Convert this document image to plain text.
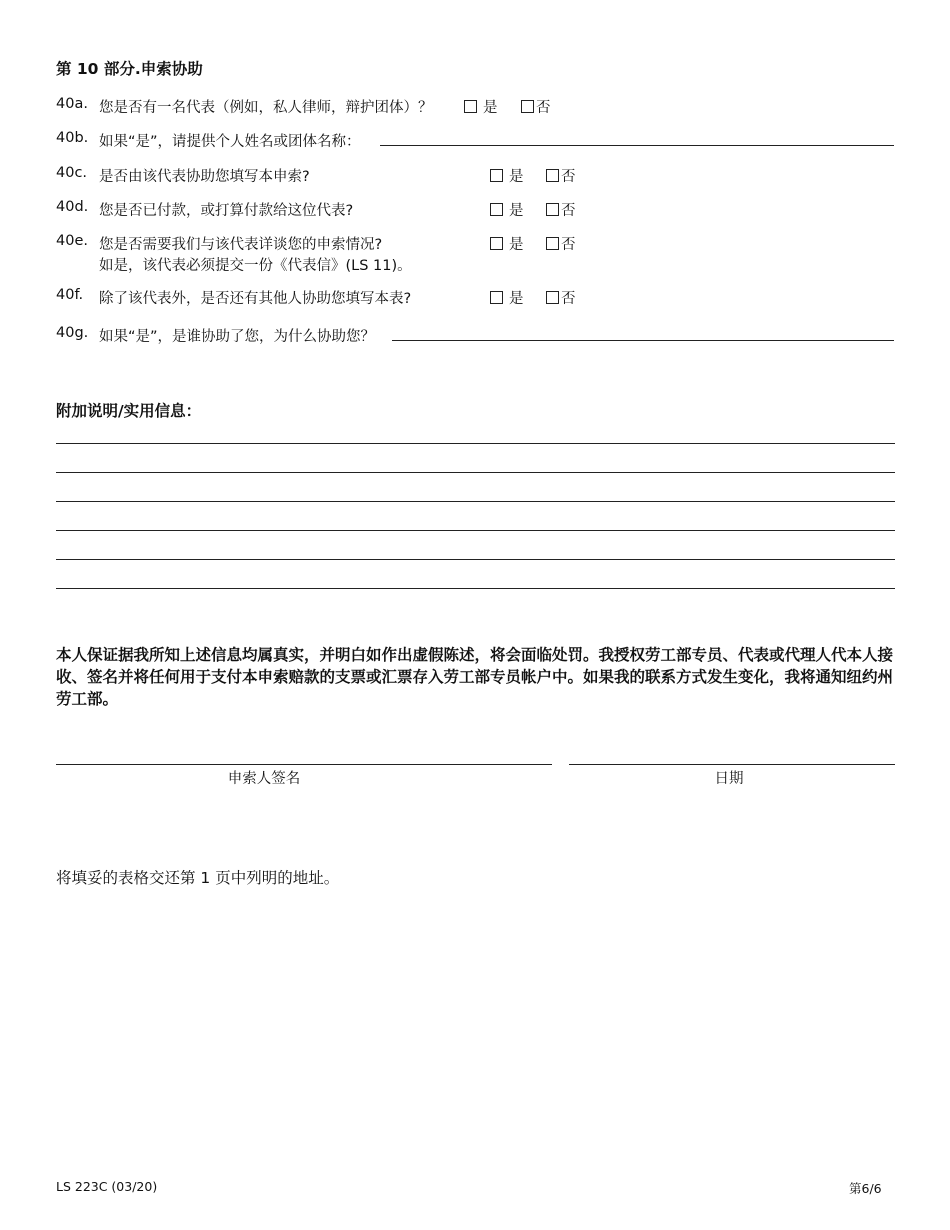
第 10 部分.申索协助
40a. 您是否有一名代表（例如，私人律师，辩护团体）？	是	否
40b. 如果“是”，请提供个人姓名或团体名称：
40c. 是否由该代表协助您填写本申索?	是	否
40d. 您是否已付款，或打算付款给这位代表?	是	否
40e. 您是否需要我们与该代表详谈您的申索情况?
如是，该代表必须提交一份《代表信》(LS 11)。
是	否
40f. 除了该代表外，是否还有其他人协助您填写本表?	是	否
40g. 如果“是”，是谁协助了您，为什么协助您？
附加说明/实用信息：
本人保证据我所知上述信息均属真实，并明白如作出虚假陈述，将会面临处罚。我授权劳工部专员、代表或代理人代本人接收、签名并将任何用于支付本申索赔款的支票或汇票存入劳工部专员帐户中。如果我的联系方式发生变化，我将通知纽约州劳工部。
申索人签名	日期
将填妥的表格交还第 1 页中列明的地址。
LS 223C (03/20)	第6/6
